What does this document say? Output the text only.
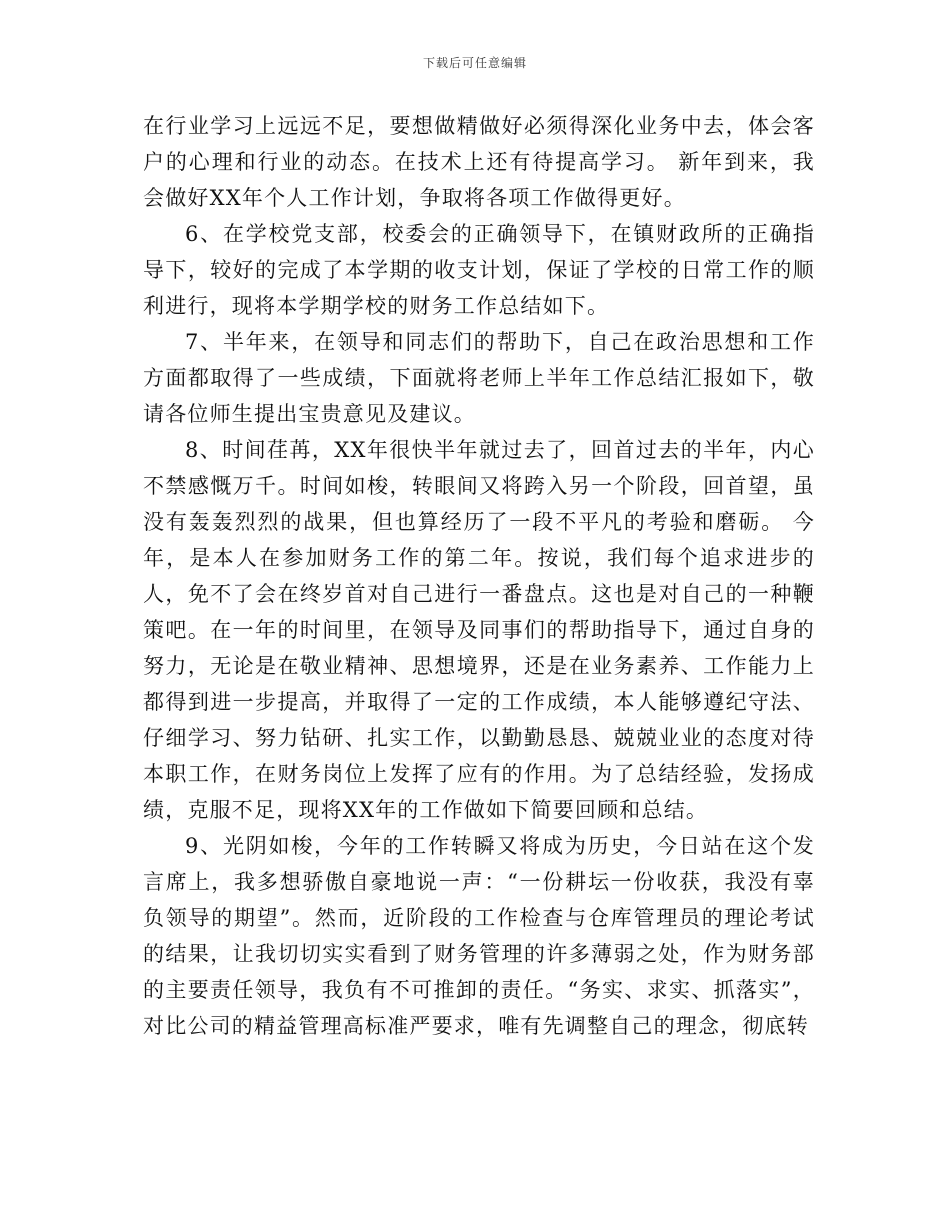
下载后可任意编辑

在行业学习上远远不足，要想做精做好必须得深化业务中去，体会客户的心理和行业的动态。在技术上还有待提高学习。 新年到来，我会做好XX年个人工作计划，争取将各项工作做得更好。

6、在学校党支部，校委会的正确领导下，在镇财政所的正确指导下，较好的完成了本学期的收支计划，保证了学校的日常工作的顺利进行，现将本学期学校的财务工作总结如下。

7、半年来，在领导和同志们的帮助下，自己在政治思想和工作方面都取得了一些成绩，下面就将老师上半年工作总结汇报如下，敬请各位师生提出宝贵意见及建议。

8、时间荏苒，XX年很快半年就过去了，回首过去的半年，内心不禁感慨万千。时间如梭，转眼间又将跨入另一个阶段，回首望，虽没有轰轰烈烈的战果，但也算经历了一段不平凡的考验和磨砺。 今年，是本人在参加财务工作的第二年。按说，我们每个追求进步的人，免不了会在终岁首对自己进行一番盘点。这也是对自己的一种鞭策吧。在一年的时间里，在领导及同事们的帮助指导下，通过自身的努力，无论是在敬业精神、思想境界，还是在业务素养、工作能力上都得到进一步提高，并取得了一定的工作成绩，本人能够遵纪守法、仔细学习、努力钻研、扎实工作，以勤勤恳恳、兢兢业业的态度对待本职工作，在财务岗位上发挥了应有的作用。为了总结经验，发扬成绩，克服不足，现将XX年的工作做如下简要回顾和总结。

9、光阴如梭，今年的工作转瞬又将成为历史，今日站在这个发言席上，我多想骄傲自豪地说一声：“一份耕坛一份收获，我没有辜负领导的期望”。然而，近阶段的工作检查与仓库管理员的理论考试的结果，让我切切实实看到了财务管理的许多薄弱之处，作为财务部的主要责任领导，我负有不可推卸的责任。“务实、求实、抓落实”，对比公司的精益管理高标准严要求，唯有先调整自己的理念，彻底转
